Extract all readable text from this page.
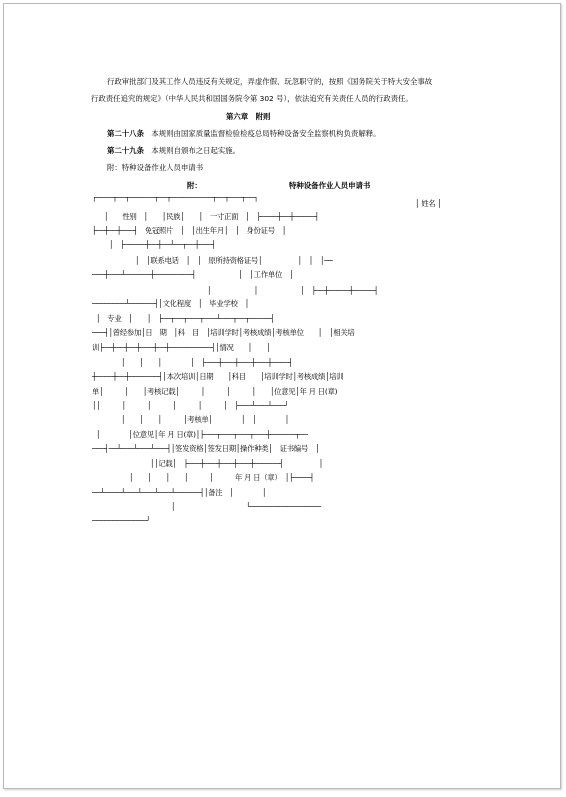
行政审批部门及其工作人员违反有关规定，弄虚作假、玩忽职守的，按照《国务院关于特大安全事故
行政责任追究的规定》（中华人民共和国国务院令第 302 号），依法追究有关责任人员的行政责任。
第六章　附则
第二十八条　 本规则由国家质量监督检验检疫总局特种设备安全监察机构负责解释。
第二十九条　 本规则自颁布之日起实施。
附：特种设备作业人员申请书
附：	特种设备作业人员申请书
┌────┬──┬──────┬──┬──────────┬──┬───┬──┐
│ 姓名 │
│　　性别　│　　│民族│　　│　一寸正面　│　├────┼──┼─────┤
├──┼──┼───┤　免冠照片　│　│出生年月│　│　身份证号　│
│　├─────┼──┼──┴──┬──┼───┤
│　│联系电话　│　│　原所持资格证号│　　　　　│　│　│──
───┼───┴──────┼─────────┤　　　　　　│　│工作单位　│
│　　　　　　│　　　　　　│　├──┼─────┼─────┤
────────┴──────┤│文化程度　│　毕业学校　│
│　专业　│　　│　├──┬──┬───┬───┴───┬──┬─────┤
───┤│曾经参加│日　期　│科　目　│培训学时│考核成绩│考核单位　　│　│相关培
训├──┼──┼──┼───┼──┼──────────┤│情况　　│　　│
│　　│　　│　　　　│　├───┼───┼───┼───┼────┤
┼────┼──┼───────┤│本次培训│日期　　│科目　　│培训学时│考核成绩│培训
单│　　　│　　│考核记载│　　　│　　　│　　　│　　│位意见│年 月 日(章)
││　　　│　　　│　　　│　　　│　　　│　├───┴───┴───┘
│　　│　　│　　　│考核单│　　　　│　│　　　　│
│　　　　│位意见│年 月 日(章)│├───┬───┬───┬───┼──────┬──
───┤──┴───┴───┴───┤│签发资格│签发日期│操作种类│　证书编号　│
││记载│　├───┼───┼───┼───┼──────┤　　　　　│
│　　│　　│　　│　　　│　　　年 月 日（章）　│├────┤
──┴────┴───┴───┴───┴──────┤│备注　│　　　　│
│　　　　　　　　　　└─────────────────
─────────────┘
